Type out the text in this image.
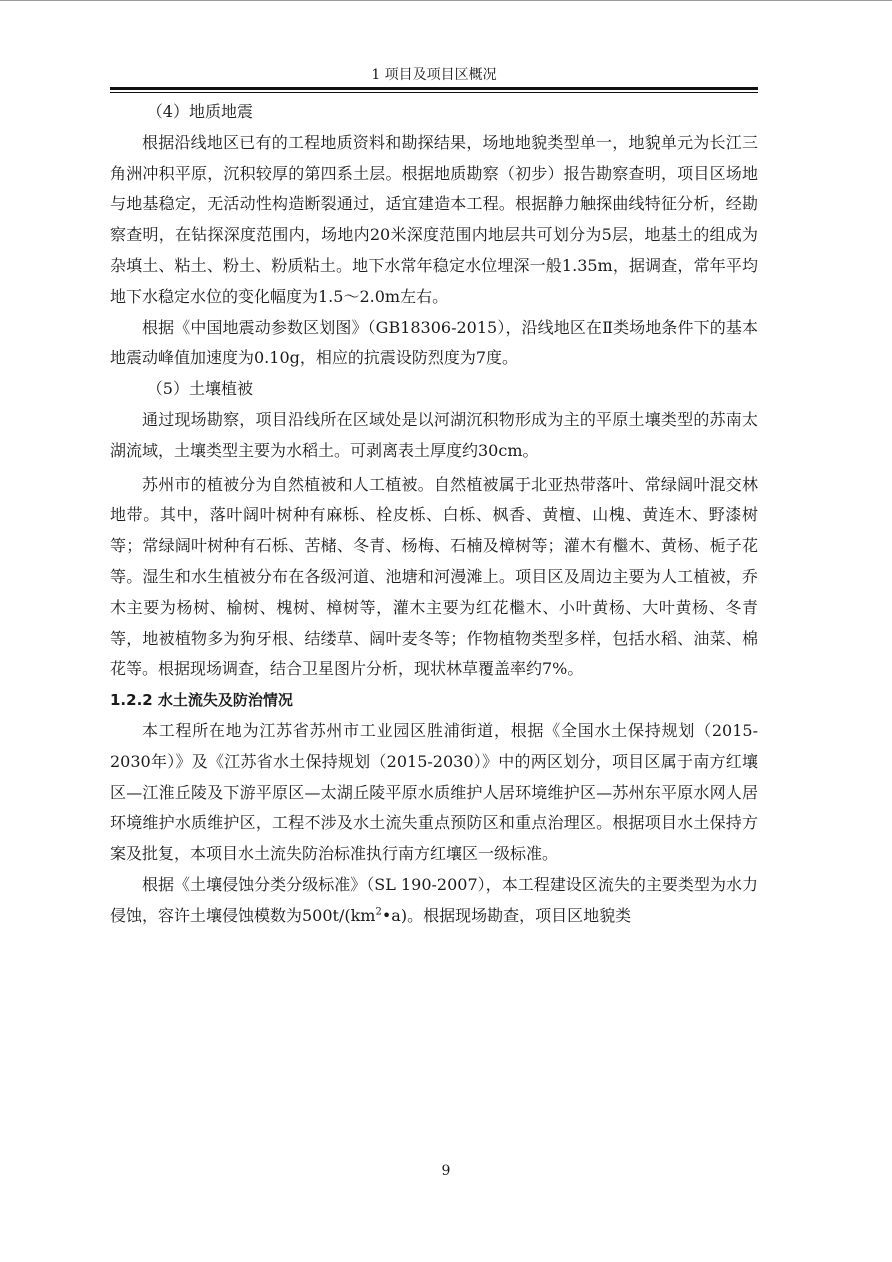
1 项目及项目区概况

（4）地质地震

根据沿线地区已有的工程地质资料和勘探结果，场地地貌类型单一，地貌单元为长江三角洲冲积平原，沉积较厚的第四系土层。根据地质勘察（初步）报告勘察查明，项目区场地与地基稳定，无活动性构造断裂通过，适宜建造本工程。根据静力触探曲线特征分析，经勘察查明，在钻探深度范围内，场地内20米深度范围内地层共可划分为5层，地基土的组成为杂填土、粘土、粉土、粉质粘土。地下水常年稳定水位埋深一般1.35m，据调查，常年平均地下水稳定水位的变化幅度为1.5～2.0m左右。

根据《中国地震动参数区划图》（GB18306-2015），沿线地区在Ⅱ类场地条件下的基本地震动峰值加速度为0.10g，相应的抗震设防烈度为7度。

（5）土壤植被

通过现场勘察，项目沿线所在区域处是以河湖沉积物形成为主的平原土壤类型的苏南太湖流域，土壤类型主要为水稻土。可剥离表土厚度约30cm。

苏州市的植被分为自然植被和人工植被。自然植被属于北亚热带落叶、常绿阔叶混交林地带。其中，落叶阔叶树种有麻栎、栓皮栎、白栎、枫香、黄檀、山槐、黄连木、野漆树等；常绿阔叶树种有石栎、苦槠、冬青、杨梅、石楠及樟树等；灌木有檵木、黄杨、栀子花等。湿生和水生植被分布在各级河道、池塘和河漫滩上。项目区及周边主要为人工植被，乔木主要为杨树、榆树、槐树、樟树等，灌木主要为红花檵木、小叶黄杨、大叶黄杨、冬青等，地被植物多为狗牙根、结缕草、阔叶麦冬等；作物植物类型多样，包括水稻、油菜、棉花等。根据现场调查，结合卫星图片分析，现状林草覆盖率约7%。

1.2.2 水土流失及防治情况

本工程所在地为江苏省苏州市工业园区胜浦街道，根据《全国水土保持规划（2015-2030年）》及《江苏省水土保持规划（2015-2030）》中的两区划分，项目区属于南方红壤区—江淮丘陵及下游平原区—太湖丘陵平原水质维护人居环境维护区—苏州东平原水网人居环境维护水质维护区，工程不涉及水土流失重点预防区和重点治理区。根据项目水土保持方案及批复，本项目水土流失防治标准执行南方红壤区一级标准。

根据《土壤侵蚀分类分级标准》（SL 190-2007），本工程建设区流失的主要类型为水力侵蚀，容许土壤侵蚀模数为$500t/(km^2•a)$。根据现场勘查，项目区地貌类

9
